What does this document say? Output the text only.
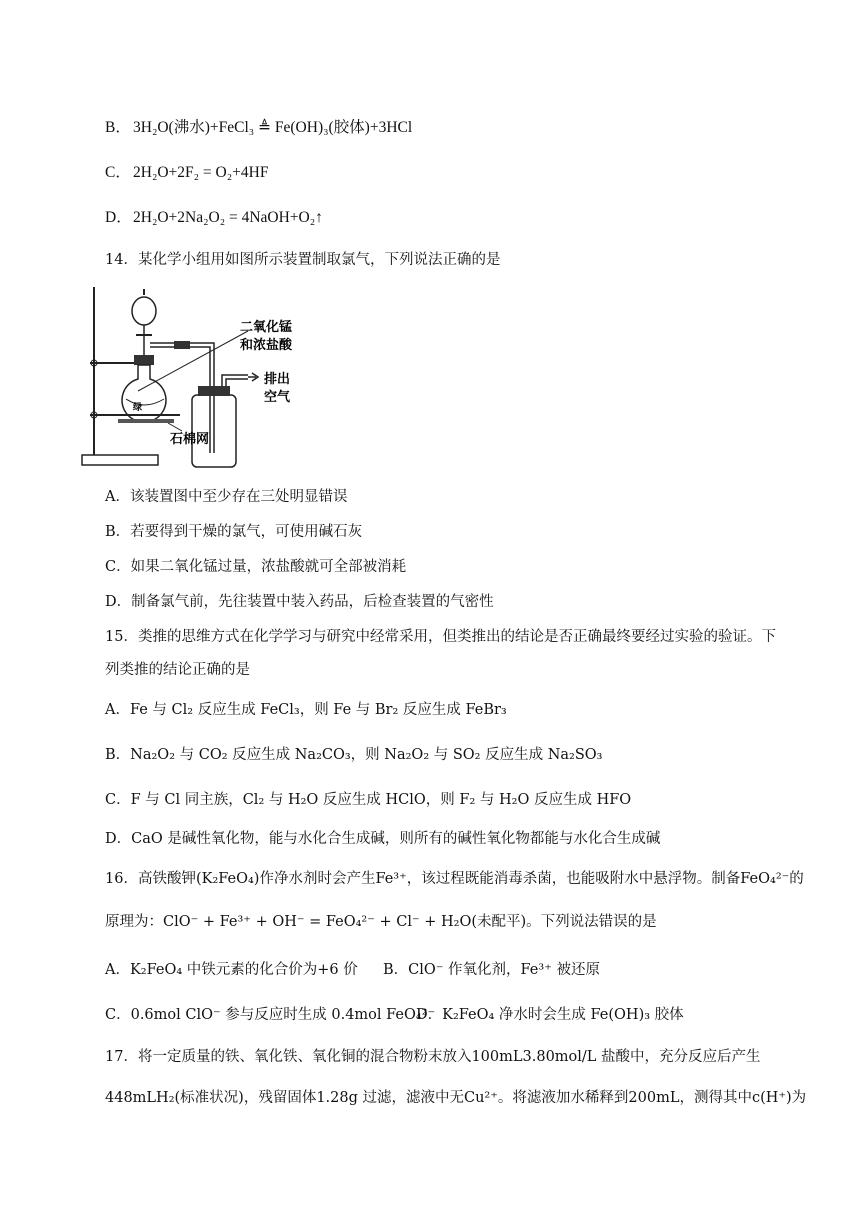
B． 3H₂O(沸水)+FeCl₃ ≜ Fe(OH)₃(胶体)+3HCl
C． 2H₂O+2F₂ = O₂+4HF
D． 2H₂O+2Na₂O₂ = 4NaOH+O₂↑
14．某化学小组用如图所示装置制取氯气，下列说法正确的是
绿
二氧化锰
和浓盐酸
排出
空气
石棉网
A．该装置图中至少存在三处明显错误
B．若要得到干燥的氯气，可使用碱石灰
C．如果二氧化锰过量，浓盐酸就可全部被消耗
D．制备氯气前，先往装置中装入药品，后检查装置的气密性
15．类推的思维方式在化学学习与研究中经常采用，但类推出的结论是否正确最终要经过实验的验证。下
列类推的结论正确的是
A．Fe 与 Cl₂ 反应生成 FeCl₃，则 Fe 与 Br₂ 反应生成 FeBr₃
B．Na₂O₂ 与 CO₂ 反应生成 Na₂CO₃，则 Na₂O₂ 与 SO₂ 反应生成 Na₂SO₃
C．F 与 Cl 同主族，Cl₂ 与 H₂O 反应生成 HClO，则 F₂ 与 H₂O 反应生成 HFO
D．CaO 是碱性氧化物，能与水化合生成碱，则所有的碱性氧化物都能与水化合生成碱
16．高铁酸钾(K₂FeO₄)作净水剂时会产生Fe³⁺，该过程既能消毒杀菌，也能吸附水中悬浮物。制备FeO₄²⁻的
原理为：ClO⁻ + Fe³⁺ + OH⁻ = FeO₄²⁻ + Cl⁻ + H₂O(未配平)。下列说法错误的是
A．K₂FeO₄ 中铁元素的化合价为+6 价 B．ClO⁻ 作氧化剂，Fe³⁺ 被还原
C．0.6mol ClO⁻ 参与反应时生成 0.4mol FeO₄²⁻
D．K₂FeO₄ 净水时会生成 Fe(OH)₃ 胶体
17．将一定质量的铁、氧化铁、氧化铜的混合物粉末放入100mL3.80mol/L 盐酸中，充分反应后产生
448mLH₂(标准状况)，残留固体1.28g 过滤，滤液中无Cu²⁺。将滤液加水稀释到200mL，测得其中c(H⁺)为
